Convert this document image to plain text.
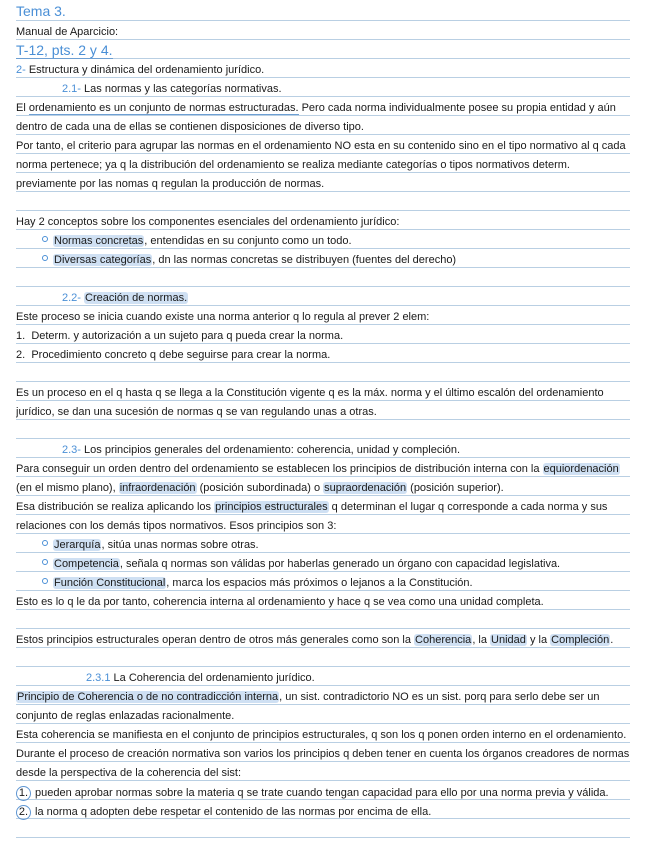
Tema 3.
Manual de Aparcicio:
T-12, pts. 2 y 4.
2- Estructura y dinámica del ordenamiento jurídico.
2.1- Las normas y las categorías normativas.
El ordenamiento es un conjunto de normas estructuradas. Pero cada norma individualmente posee su propia entidad y aún
dentro de cada una de ellas se contienen disposiciones de diverso tipo.
Por tanto, el criterio para agrupar las normas en el ordenamiento NO esta en su contenido sino en el tipo normativo al q cada
norma pertenece; ya q la distribución del ordenamiento se realiza mediante categorías o tipos normativos determ.
previamente por las nomas q regulan la producción de normas.
Hay 2 conceptos sobre los componentes esenciales del ordenamiento jurídico:
Normas concretas, entendidas en su conjunto como un todo.
Diversas categorías, dn las normas concretas se distribuyen (fuentes del derecho)
2.2- Creación de normas.
Este proceso se inicia cuando existe una norma anterior q lo regula al prever 2 elem:
1. Determ. y autorización a un sujeto para q pueda crear la norma.
2. Procedimiento concreto q debe seguirse para crear la norma.
Es un proceso en el q hasta q se llega a la Constitución vigente q es la máx. norma y el último escalón del ordenamiento
jurídico, se dan una sucesión de normas q se van regulando unas a otras.
2.3- Los principios generales del ordenamiento: coherencia, unidad y compleción.
Para conseguir un orden dentro del ordenamiento se establecen los principios de distribución interna con la equiordenación
(en el mismo plano), infraordenación (posición subordinada) o supraordenación (posición superior).
Esa distribución se realiza aplicando los principios estructurales q determinan el lugar q corresponde a cada norma y sus
relaciones con los demás tipos normativos. Esos principios son 3:
Jerarquía, sitúa unas normas sobre otras.
Competencia, señala q normas son válidas por haberlas generado un órgano con capacidad legislativa.
Función Constitucional, marca los espacios más próximos o lejanos a la Constitución.
Esto es lo q le da por tanto, coherencia interna al ordenamiento y hace q se vea como una unidad completa.
Estos principios estructurales operan dentro de otros más generales como son la Coherencia, la Unidad y la Compleción.
2.3.1 La Coherencia del ordenamiento jurídico.
Principio de Coherencia o de no contradicción interna, un sist. contradictorio NO es un sist. porq para serlo debe ser un
conjunto de reglas enlazadas racionalmente.
Esta coherencia se manifiesta en el conjunto de principios estructurales, q son los q ponen orden interno en el ordenamiento.
Durante el proceso de creación normativa son varios los principios q deben tener en cuenta los órganos creadores de normas
desde la perspectiva de la coherencia del sist:
1. pueden aprobar normas sobre la materia q se trate cuando tengan capacidad para ello por una norma previa y válida.
2. la norma q adopten debe respetar el contenido de las normas por encima de ella.
